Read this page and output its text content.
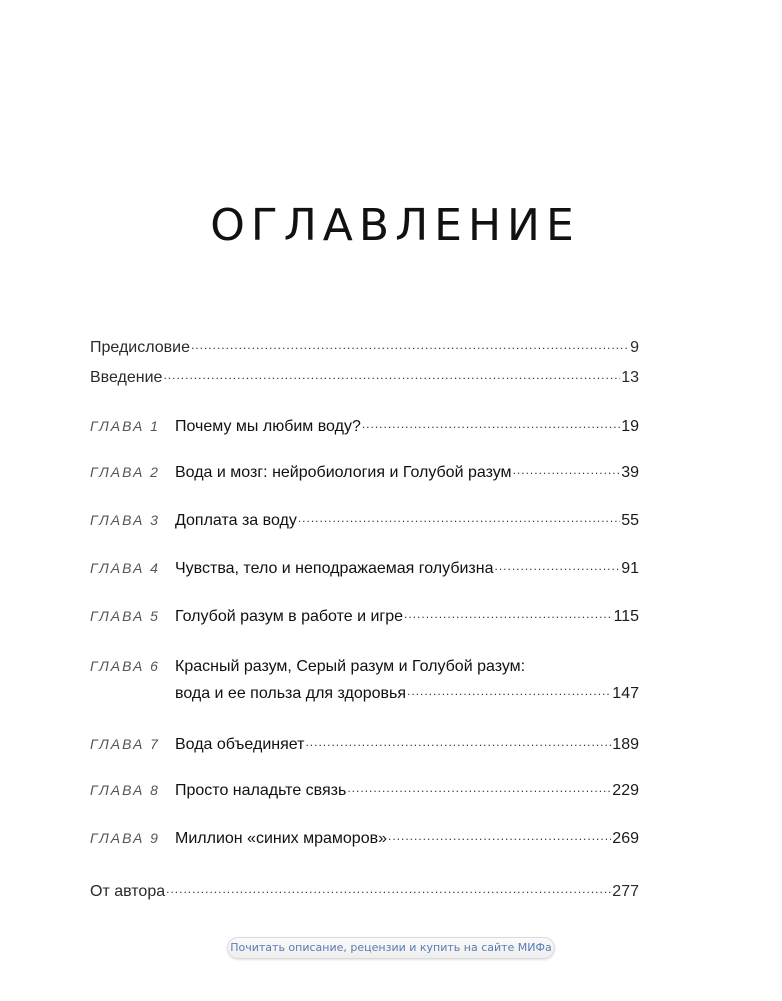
ОГЛАВЛЕНИЕ
Предисловие .....	9
Введение .....	13
ГЛАВА 1 Почему мы любим воду? .....	19
ГЛАВА 2 Вода и мозг: нейробиология и Голубой разум .....	39
ГЛАВА 3 Доплата за воду .....	55
ГЛАВА 4 Чувства, тело и неподражаемая голубизна .....	91
ГЛАВА 5 Голубой разум в работе и игре .....	115
ГЛАВА 6 Красный разум, Серый разум и Голубой разум:
вода и ее польза для здоровья .....	147
ГЛАВА 7 Вода объединяет .....	189
ГЛАВА 8 Просто наладьте связь .....	229
ГЛАВА 9 Миллион «синих мраморов» .....	269
От автора .....	277
Почитать описание, рецензии и купить на сайте МИФа
